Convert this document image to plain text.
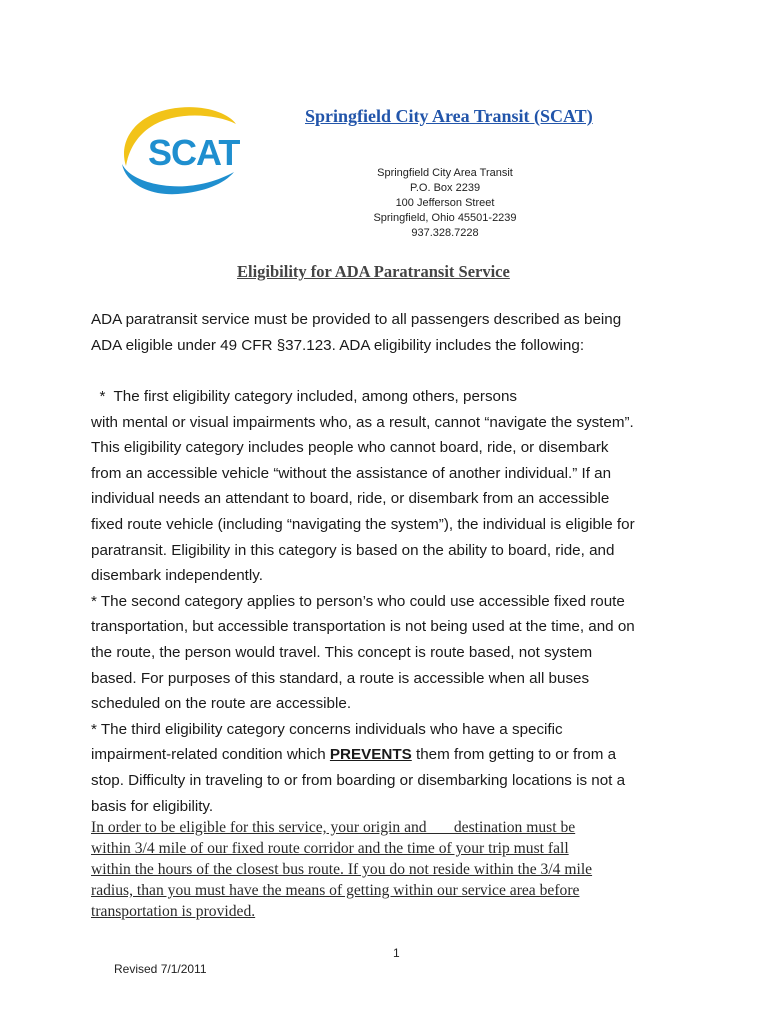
SCAT
Springfield City Area Transit (SCAT)
Springfield City Area Transit
P.O. Box 2239
100 Jefferson Street
Springfield, Ohio 45501-2239
937.328.7228
Eligibility for ADA Paratransit Service
ADA paratransit service must be provided to all passengers described as being
ADA eligible under 49 CFR §37.123. ADA eligibility includes the following:
*  The first eligibility category included, among others, persons
with mental or visual impairments who, as a result, cannot “navigate the system”.
This eligibility category includes people who cannot board, ride, or disembark
from an accessible vehicle “without the assistance of another individual.” If an
individual needs an attendant to board, ride, or disembark from an accessible
fixed route vehicle (including “navigating the system”), the individual is eligible for
paratransit. Eligibility in this category is based on the ability to board, ride, and
disembark independently.
* The second category applies to person’s who could use accessible fixed route
transportation, but accessible transportation is not being used at the time, and on
the route, the person would travel. This concept is route based, not system
based. For purposes of this standard, a route is accessible when all buses
scheduled on the route are accessible.
* The third eligibility category concerns individuals who have a specific
impairment-related condition which PREVENTS them from getting to or from a
stop. Difficulty in traveling to or from boarding or disembarking locations is not a
basis for eligibility.
In order to be eligible for this service, your origin and       destination must be
within 3/4 mile of our fixed route corridor and the time of your trip must fall
within the hours of the closest bus route. If you do not reside within the 3/4 mile
radius, than you must have the means of getting within our service area before
transportation is provided.
1
Revised 7/1/2011
